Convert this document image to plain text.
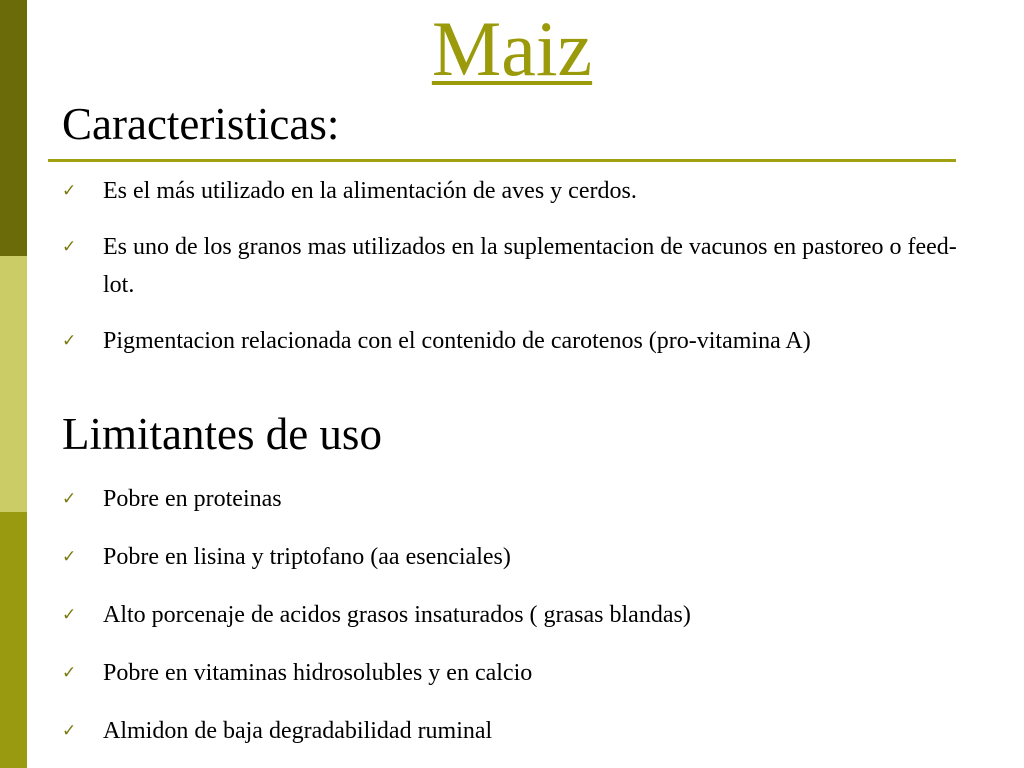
Maiz
Caracteristicas:
✓ Es el más utilizado en la alimentación de aves y cerdos.
✓ Es uno de los granos mas utilizados en la suplementacion de vacunos en pastoreo o feed-lot.
✓ Pigmentacion relacionada con el contenido de carotenos (pro-vitamina A)
Limitantes de uso
✓ Pobre en proteinas
✓ Pobre en lisina y triptofano (aa esenciales)
✓ Alto porcenaje de acidos grasos insaturados ( grasas blandas)
✓ Pobre en vitaminas hidrosolubles y en calcio
✓ Almidon de baja degradabilidad ruminal
